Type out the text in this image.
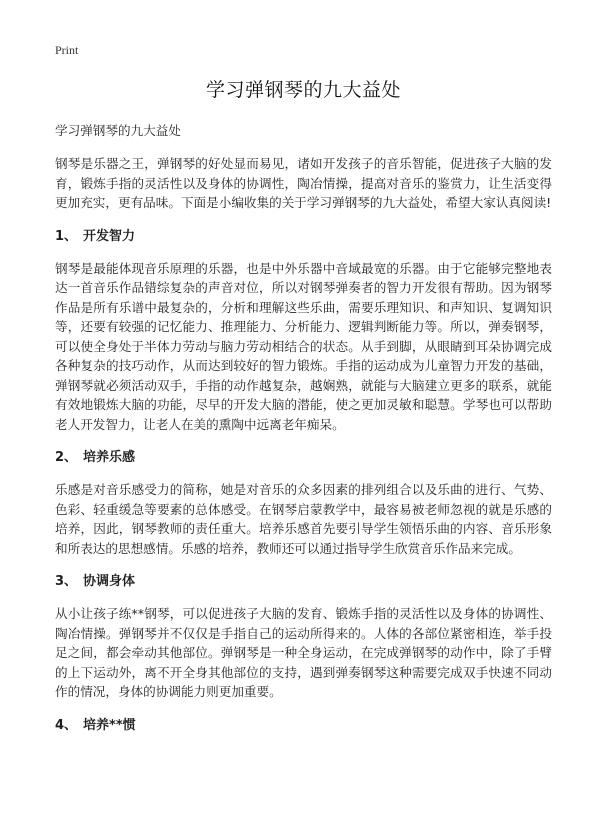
Print
学习弹钢琴的九大益处

学习弹钢琴的九大益处

钢琴是乐器之王，弹钢琴的好处显而易见，诸如开发孩子的音乐智能，促进孩子大脑的发育，锻炼手指的灵活性以及身体的协调性，陶冶情操，提高对音乐的鉴赏力，让生活变得更加充实，更有品味。下面是小编收集的关于学习弹钢琴的九大益处，希望大家认真阅读!

1、 开发智力

钢琴是最能体现音乐原理的乐器，也是中外乐器中音域最宽的乐器。由于它能够完整地表达一首音乐作品错综复杂的声音对位，所以对钢琴弹奏者的智力开发很有帮助。因为钢琴作品是所有乐谱中最复杂的，分析和理解这些乐曲，需要乐理知识、和声知识、复调知识等，还要有较强的记忆能力、推理能力、分析能力、逻辑判断能力等。所以，弹奏钢琴，可以使全身处于半体力劳动与脑力劳动相结合的状态。从手到脚，从眼睛到耳朵协调完成各种复杂的技巧动作，从而达到较好的智力锻炼。手指的运动成为儿童智力开发的基础，弹钢琴就必须活动双手，手指的动作越复杂，越娴熟，就能与大脑建立更多的联系，就能有效地锻炼大脑的功能，尽早的开发大脑的潜能，使之更加灵敏和聪慧。学琴也可以帮助老人开发智力，让老人在美的熏陶中远离老年痴呆。

2、 培养乐感

乐感是对音乐感受力的简称，她是对音乐的众多因素的排列组合以及乐曲的进行、气势、色彩、轻重缓急等要素的总体感受。在钢琴启蒙教学中，最容易被老师忽视的就是乐感的培养，因此，钢琴教师的责任重大。培养乐感首先要引导学生领悟乐曲的内容、音乐形象和所表达的思想感情。乐感的培养，教师还可以通过指导学生欣赏音乐作品来完成。

3、 协调身体

从小让孩子练**钢琴，可以促进孩子大脑的发育、锻炼手指的灵活性以及身体的协调性、陶冶情操。弹钢琴并不仅仅是手指自己的运动所得来的。人体的各部位紧密相连，举手投足之间，都会牵动其他部位。弹钢琴是一种全身运动，在完成弹钢琴的动作中，除了手臂的上下运动外，离不开全身其他部位的支持，遇到弹奏钢琴这种需要完成双手快速不同动作的情况，身体的协调能力则更加重要。

4、 培养**惯
